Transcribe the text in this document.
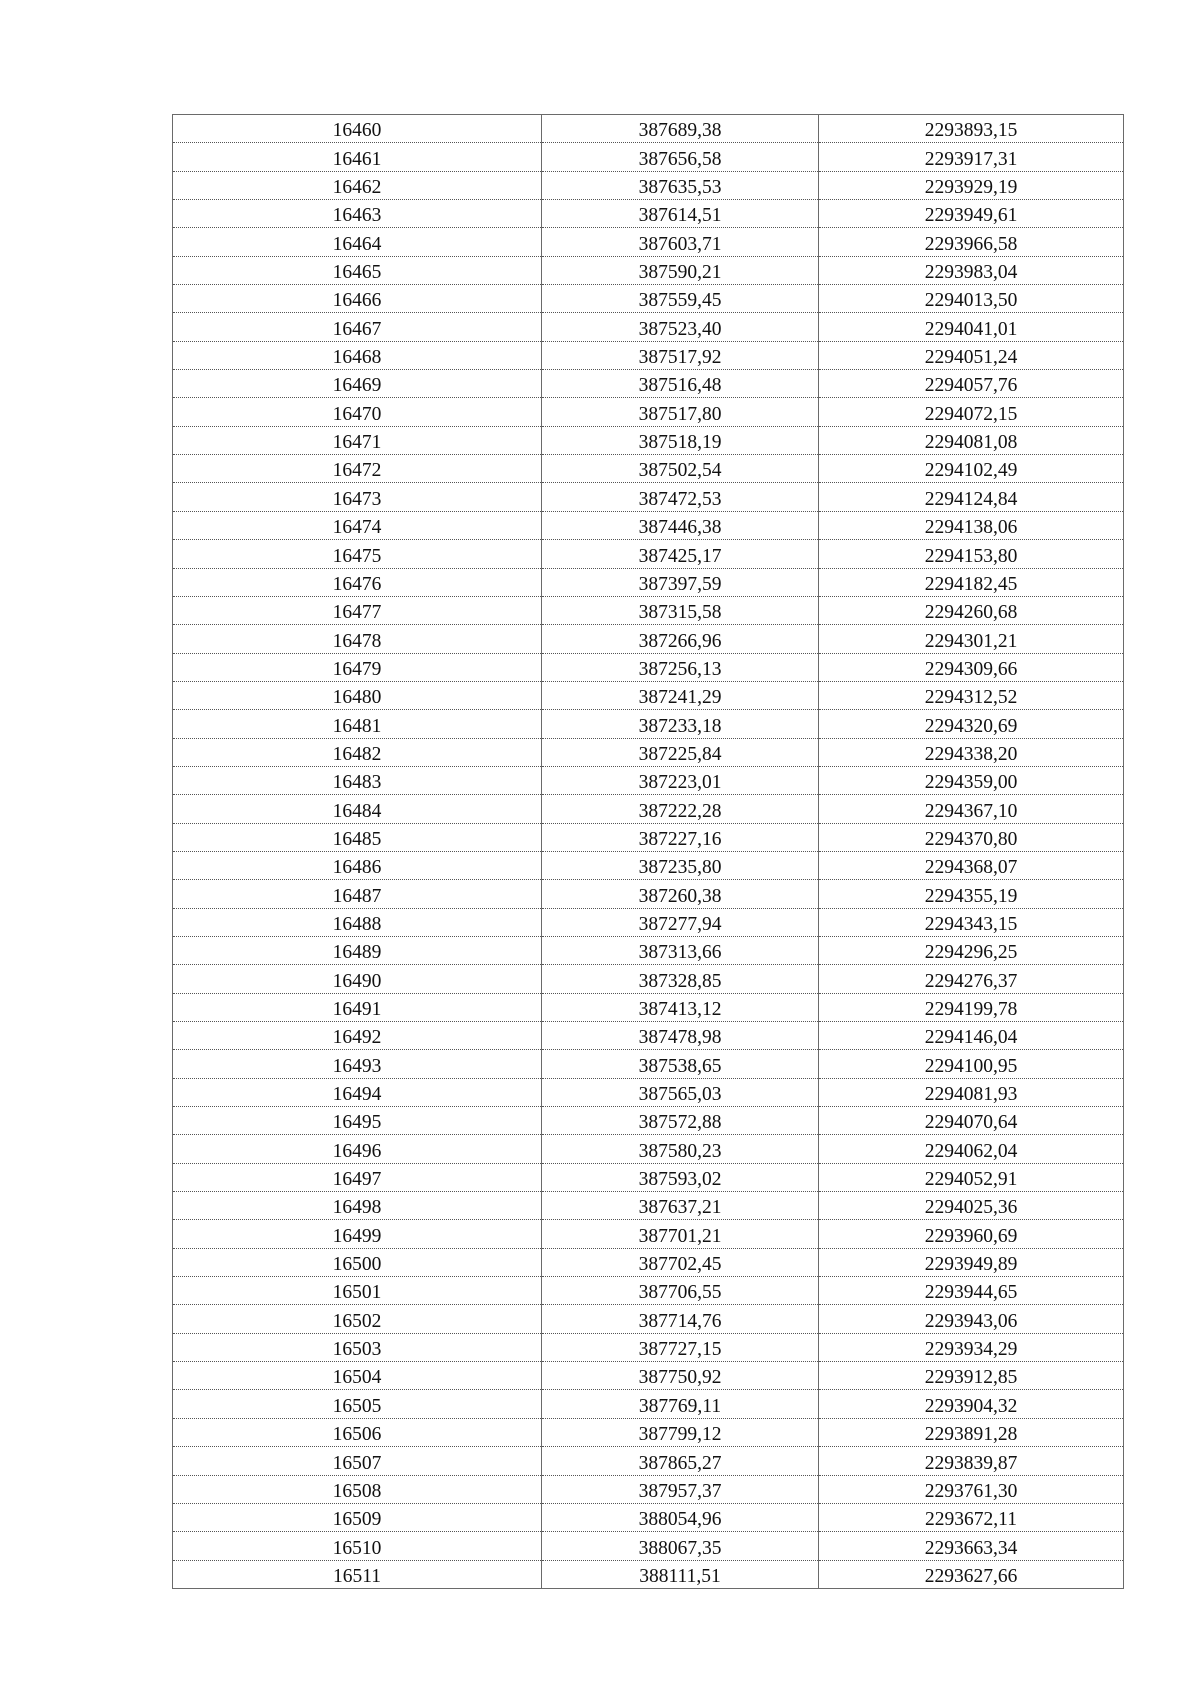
16460	387689,38	2293893,15
16461	387656,58	2293917,31
16462	387635,53	2293929,19
16463	387614,51	2293949,61
16464	387603,71	2293966,58
16465	387590,21	2293983,04
16466	387559,45	2294013,50
16467	387523,40	2294041,01
16468	387517,92	2294051,24
16469	387516,48	2294057,76
16470	387517,80	2294072,15
16471	387518,19	2294081,08
16472	387502,54	2294102,49
16473	387472,53	2294124,84
16474	387446,38	2294138,06
16475	387425,17	2294153,80
16476	387397,59	2294182,45
16477	387315,58	2294260,68
16478	387266,96	2294301,21
16479	387256,13	2294309,66
16480	387241,29	2294312,52
16481	387233,18	2294320,69
16482	387225,84	2294338,20
16483	387223,01	2294359,00
16484	387222,28	2294367,10
16485	387227,16	2294370,80
16486	387235,80	2294368,07
16487	387260,38	2294355,19
16488	387277,94	2294343,15
16489	387313,66	2294296,25
16490	387328,85	2294276,37
16491	387413,12	2294199,78
16492	387478,98	2294146,04
16493	387538,65	2294100,95
16494	387565,03	2294081,93
16495	387572,88	2294070,64
16496	387580,23	2294062,04
16497	387593,02	2294052,91
16498	387637,21	2294025,36
16499	387701,21	2293960,69
16500	387702,45	2293949,89
16501	387706,55	2293944,65
16502	387714,76	2293943,06
16503	387727,15	2293934,29
16504	387750,92	2293912,85
16505	387769,11	2293904,32
16506	387799,12	2293891,28
16507	387865,27	2293839,87
16508	387957,37	2293761,30
16509	388054,96	2293672,11
16510	388067,35	2293663,34
16511	388111,51	2293627,66
